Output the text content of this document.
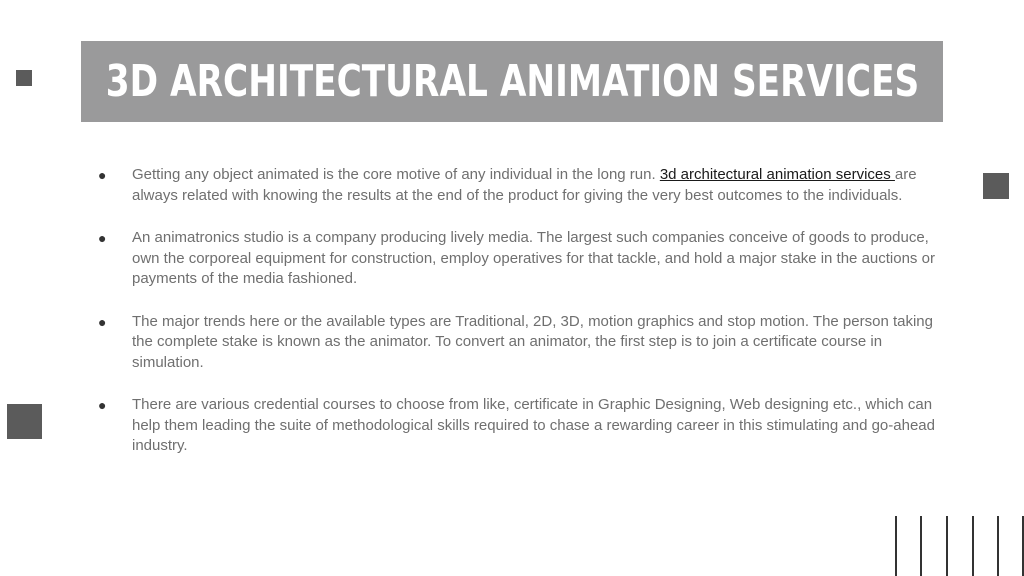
3D ARCHITECTURAL ANIMATION SERVICES
● Getting any object animated is the core motive of any individual in the long run. 3d architectural animation services are always related with knowing the results at the end of the product for giving the very best outcomes to the individuals.
● An animatronics studio is a company producing lively media. The largest such companies conceive of goods to produce, own the corporeal equipment for construction, employ operatives for that tackle, and hold a major stake in the auctions or payments of the media fashioned.
● The major trends here or the available types are Traditional, 2D, 3D, motion graphics and stop motion. The person taking the complete stake is known as the animator. To convert an animator, the first step is to join a certificate course in simulation.
● There are various credential courses to choose from like, certificate in Graphic Designing, Web designing etc., which can help them leading the suite of methodological skills required to chase a rewarding career in this stimulating and go-ahead industry.
